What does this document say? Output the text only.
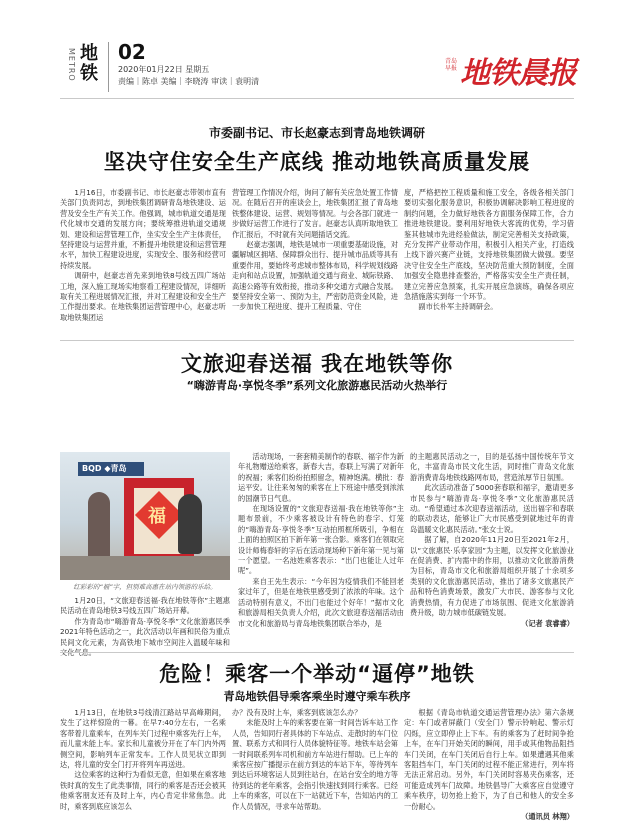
METRO 地铁
02
2020年01月22日 星期五
责编｜陈卓 美编｜李晓涛 审读｜袁明清
青岛早报 地铁晨报
市委副书记、市长赵豪志到青岛地铁调研
坚决守住安全生产底线 推动地铁高质量发展

1月16日，市委副书记、市长赵豪志带领市直有关部门负责同志，到地铁集团调研青岛地铁建设、运营及安全生产有关工作。他强调，城市轨道交通是现代化城市交通的发展方向；要统筹推进轨道交通规划、建设和运营管理工作，坐实安全生产主体责任，坚持建设与运营并重，不断提升地铁建设和运营管理水平，加快工程建设进度，实现安全、服务和经营可持续发展。

调研中，赵豪志首先来到地铁8号线五四广场站工地，深入施工现场实地察看工程建设情况，详细听取有关工程进展情况汇报，并对工程建设和安全生产工作提出要求。在地铁集团运营管理中心，赵豪志听取地铁集团运

营管理工作情况介绍，询问了解有关应急处置工作情况。在随后召开的座谈会上，地铁集团汇报了青岛地铁整体建设、运营、规划等情况。与会各部门就进一步做好运营工作进行了发言。赵豪志认真听取地铁工作汇报后，不时就有关问题插话交流。

赵豪志强调，地铁是城市一项重要基础设施，对疆解城区拥堵、保障群众出行、提升城市品质等具有重要作用，要始终考虑城市整体布局，科学规划线路走向和站点设置，加强轨道交通与商业、城际铁路、高速公路等有效衔接，推动多种交通方式融合发展。要坚持安全第一、预防为主，严密防范资金风险，进一步加快工程进度、提升工程质量、守住

度，严格把控工程质量和施工安全，各级各相关部门要切实强化服务意识，积极协调解决影响工程进度的制约问题，全力做好地铁各方面服务保障工作，合力推进地铁建设。要利用好地铁大客流的优势，学习借鉴其他城市先进经验做法，制定完善相关支持政策，充分发挥产业带动作用，积极引入相关产业，打造线上线下游兴赛产业链，支持地铁集团做大做强。要坚决守住安全生产底线，坚决防范重大预防制度，全面加强安全隐患排查整治，严格落实安全生产责任制，建立完善应急预案，扎实开展应急演练，确保各项应急措施落实到每一个环节。

副市长朴军主持调研会。

文旅迎春送福 我在地铁等你
“嗨游青岛·享悦冬季”系列文化旅游惠民活动火热举行
BQD ◆青岛
福
红彩彩的“福”字，但别难高惠在站内领游的乐给。

1月20日，“文旅迎春送福·我在地铁等你”主题惠民活动在青岛地铁3号线五四广场站开幕。

作为青岛市“嗨游青岛·享悦冬季”文化旅游惠民季2021年特色活动之一，此次活动以年画和民俗为重点民间文化元素，为高铁地下城市空间注入温暖年味和

活动现场，一套套精美制作的春联、福字作为新年礼物赠送给乘客，新春大吉，春联上写满了对新年的祝福；乘客们纷纷拍照留念，精神饱满。横批：春运平安。让往来匆匆的乘客在上下班途中感受到浓浓的国潮节日气息。

在现场设置的“文旅迎春送福·我在地铁等你”主题布景前，不少乘客被设计有特色的春字、灯笼的“嗨游青岛·享悦冬季”互动拍照框所吸引，争相在上面的拍照区拍下新年第一张合影。乘客们在领取完设计师梅春轩的字后在活动现场种下新年第一见与第一个愿望。一名池姓乘客表示：“出门也能让人过年呢”。

来自王先生表示：“今年因为疫情我们不能回老家过年了，但是在地铁里感受到了浓浓的年味。这个活动特别有意义，不出门也能过个好年！”据市文化和旅游局相关负责人介绍，此次文旅迎春送福活动由市文化和旅游局与青岛地铁集团联合举办，是

的主题惠民活动之一，目的是弘扬中国传统年节文化，丰富青岛市民文化生活，同时推广青岛文化旅游消费青岛地铁线路网布局，营造浓厚节日氛围。

此次活动准备了5000套春联和福字，邀请更多市民参与“嗨游青岛·享悦冬季”文化旅游惠民活动。“希望通过本次迎春送福活动，送出福字和春联的联动表达，能够让广大市民感受到就地过年的青岛温暖文化惠民活动。”张女士说。

据了解，自2020年11月20日至2021年2月，以“文旅惠民·乐享家园”为主题，以发挥文化旅游业在促消费、扩内需中的作用，以推动文化旅游消费为目标，青岛市文化和旅游局组织开展了十余项多类别的文化旅游惠民活动，推出了诸多文旅惠民产品和特色消费场景，激发广大市民、游客参与文化消费热情，有力促进了市场氛围、促进文化旅游消费升级，助力城市低碳链发展。

（记者 袁睿睿）
危险！乘客一个举动“逼停”地铁
青岛地铁倡导乘客乘坐时遵守乘车秩序

1月13日，在地铁3号线清江路站早高峰期间，发生了这样惊险的一幕。在早7:40分左右，一名乘客带着儿童乘车，在列车关门过程中乘客先行上车，而儿童未能上车。家长和儿童被分开在了车门内外两侧空间，影响列车正常发车。工作人员见状立即到达，将儿童的安全门打开将列车再送进。

这位乘客的这种行为看似无意，但如果在乘客地铁时真的发生了此类事情，同行的乘客是否还会被其他乘客朋友还有及时上车，内心肯定非常焦急。此时，乘客到底应该怎么

办？没有及时上车，乘客到底该怎么办？

未能及时上车的乘客要在第一时间告诉车站工作人员，告知同行者具体的下车站点、走散时的车门位置、联系方式和同行人员体貌特征等。地铁车站会第一时间联系列车司机和前方车站进行帮助。已上车的乘客应按广播提示在前方到达的车站下车，等待列车到达后环境客运人员到往站台，在站台安全的地方等待到达的老年乘客，会指引快速找到同行乘客。已经上车的乘客，可以在下一站就近下车，告知站内的工作人员情况，寻求车站帮助。

根据《青岛市轨道交通运营管理办法》第六条规定：车门或者屏蔽门（安全门）警示铃响起、警示灯闪烁，应立即停止上下车。有的乘客为了赶时间争抢上车，在车门开始关闭的瞬间，用手或其他物品阻挡车门关闭，在车门关闭后自行上车。如果遭遇其他乘客阻挡车门，车门关闭的过程不能正常进行，列车将无法正常启动。另外，车门关闭时容易夹伤乘客，还可能造成列车门故障。地铁倡导广大乘客应自觉遵守乘车秩序，切勿抢上抢下，为了自己和他人的安全多一份耐心。

（通讯员 林翔）
